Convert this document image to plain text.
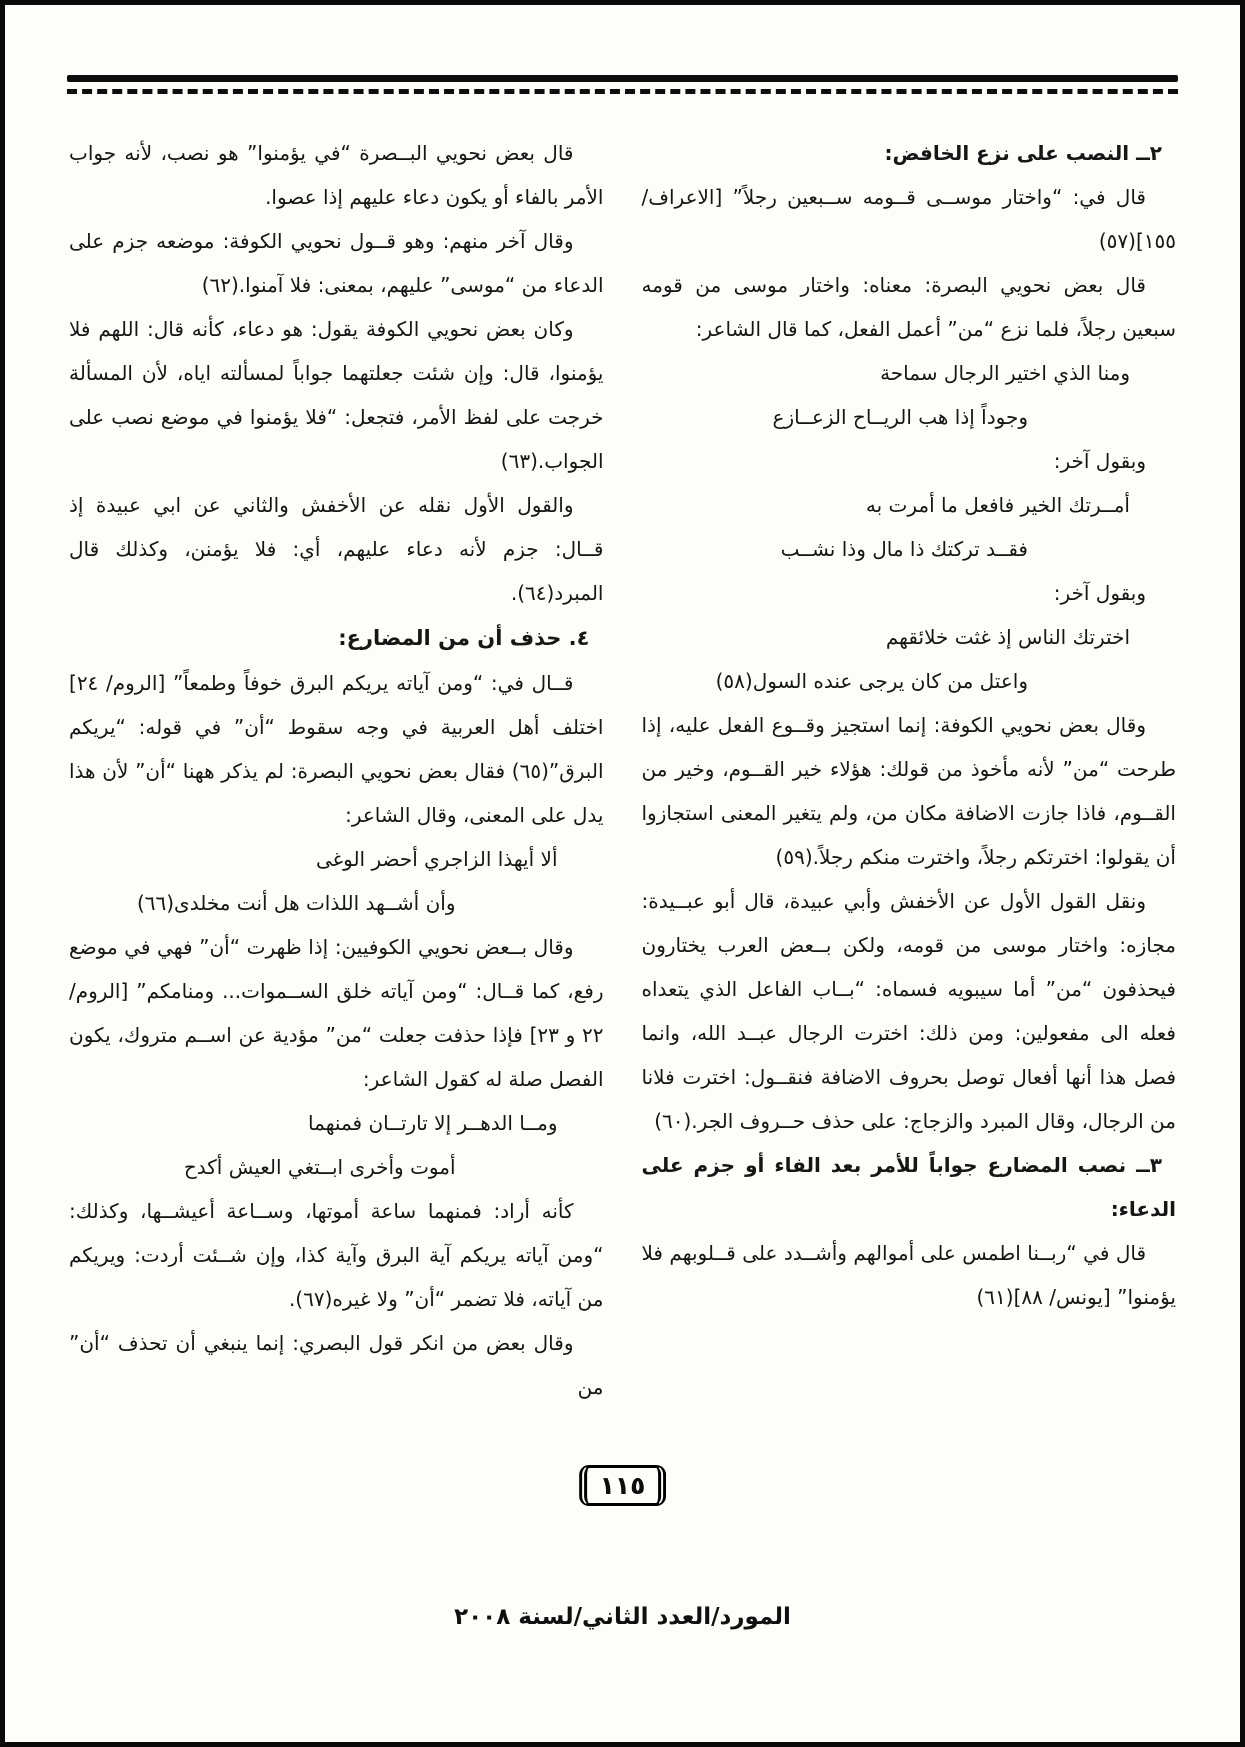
٢ــ النصب على نزع الخافض:

قال في: “واختار موســى قــومه ســبعين رجلاً” [الاعراف/ ١٥٥](٥٧)

قال بعض نحويي البصرة: معناه: واختار موسى من قومه سبعين رجلاً، فلما نزع “من” أعمل الفعل، كما قال الشاعر:

ومنا الذي اختير الرجال سماحة

وجوداً إذا هب الريــاح الزعــازع

وبقول آخر:

أمــرتك الخير فافعل ما أمرت به

فقــد تركتك ذا مال وذا نشــب

وبقول آخر:

اخترتك الناس إذ غثت خلائقهم

واعتل من كان يرجى عنده السول(٥٨)

وقال بعض نحويي الكوفة: إنما استجيز وقــوع الفعل عليه، إذا طرحت “من” لأنه مأخوذ من قولك: هؤلاء خير القــوم، وخير من القــوم، فاذا جازت الاضافة مكان من، ولم يتغير المعنى استجازوا أن يقولوا: اخترتكم رجلاً، واخترت منكم رجلاً.(٥٩)

ونقل القول الأول عن الأخفش وأبي عبيدة، قال أبو عبــيدة: مجازه: واختار موسى من قومه، ولكن بــعض العرب يختارون فيحذفون “من” أما سيبويه فسماه: “بــاب الفاعل الذي يتعداه فعله الى مفعولين: ومن ذلك: اخترت الرجال عبــد الله، وانما فصل هذا أنها أفعال توصل بحروف الاضافة فنقــول: اخترت فلانا من الرجال، وقال المبرد والزجاج: على حذف حــروف الجر.(٦٠)

٣ــ نصب المضارع جواباً للأمر بعد الفاء أو جزم على الدعاء:

قال في “ربــنا اطمس على أموالهم وأشــدد على قــلوبهم فلا يؤمنوا” [يونس/ ٨٨](٦١)

قال بعض نحويي البــصرة “في يؤمنوا” هو نصب، لأنه جواب الأمر بالفاء أو يكون دعاء عليهم إذا عصوا.

وقال آخر منهم: وهو قــول نحويي الكوفة: موضعه جزم على الدعاء من “موسى” عليهم، بمعنى: فلا آمنوا.(٦٢)

وكان بعض نحويي الكوفة يقول: هو دعاء، كأنه قال: اللهم فلا يؤمنوا، قال: وإن شئت جعلتهما جواباً لمسألته اياه، لأن المسألة خرجت على لفظ الأمر، فتجعل: “فلا يؤمنوا في موضع نصب على الجواب.(٦٣)

والقول الأول نقله عن الأخفش والثاني عن ابي عبيدة إذ قــال: جزم لأنه دعاء عليهم، أي: فلا يؤمنن، وكذلك قال المبرد(٦٤).

٤. حذف أن من المضارع:

قــال في: “ومن آياته يريكم البرق خوفاً وطمعاً” [الروم/ ٢٤] اختلف أهل العربية في وجه سقوط “أن” في قوله: “يريكم البرق”(٦٥) فقال بعض نحويي البصرة: لم يذكر ههنا “أن” لأن هذا يدل على المعنى، وقال الشاعر:

ألا أيهذا الزاجري أحضر الوغى

وأن أشــهد اللذات هل أنت مخلدى(٦٦)

وقال بــعض نحويي الكوفيين: إذا ظهرت “أن” فهي في موضع رفع، كما قــال: “ومن آياته خلق الســموات... ومنامكم” [الروم/ ٢٢ و ٢٣] فإذا حذفت جعلت “من” مؤدية عن اســم متروك، يكون الفصل صلة له كقول الشاعر:

ومــا الدهــر إلا تارتــان فمنهما

أموت وأخرى ابــتغي العيش أكدح

كأنه أراد: فمنهما ساعة أموتها، وســاعة أعيشــها، وكذلك: “ومن آياته يريكم آية البرق وآية كذا، وإن شــئت أردت: ويريكم من آياته، فلا تضمر “أن” ولا غيره(٦٧).

وقال بعض من انكر قول البصري: إنما ينبغي أن تحذف “أن” من

١١٥
المورد/العدد الثاني/لسنة ٢٠٠٨
